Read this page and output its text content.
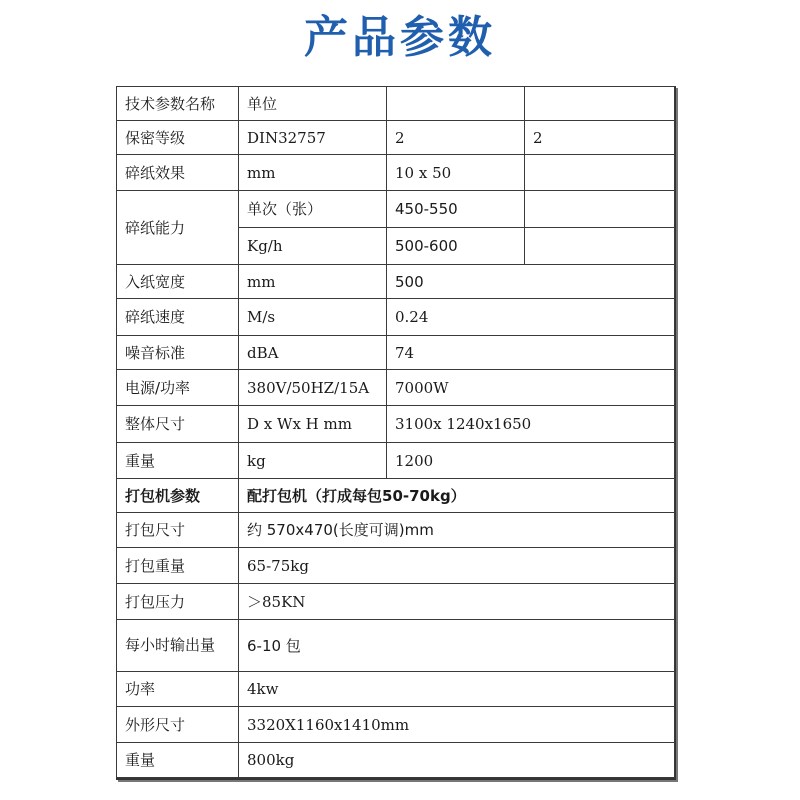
产品参数
技术参数名称	单位		
保密等级	DIN32757	2	2
碎纸效果	mm	10 x 50	
碎纸能力	单次（张）	450-550	
	Kg/h	500-600	
入纸宽度	mm	500	
碎纸速度	M/s	0.24	
噪音标准	dBA	74	
电源/功率	380V/50HZ/15A	7000W	
整体尺寸	D x Wx H mm	3100x 1240x1650	
重量	kg	1200	
打包机参数	配打包机（打成每包50-70kg）		
打包尺寸	约 570x470(长度可调)mm		
打包重量	65-75kg		
打包压力	＞85KN		
每小时输出量	6-10 包		
功率	4kw		
外形尺寸	3320X1160x1410mm		
重量	800kg		
